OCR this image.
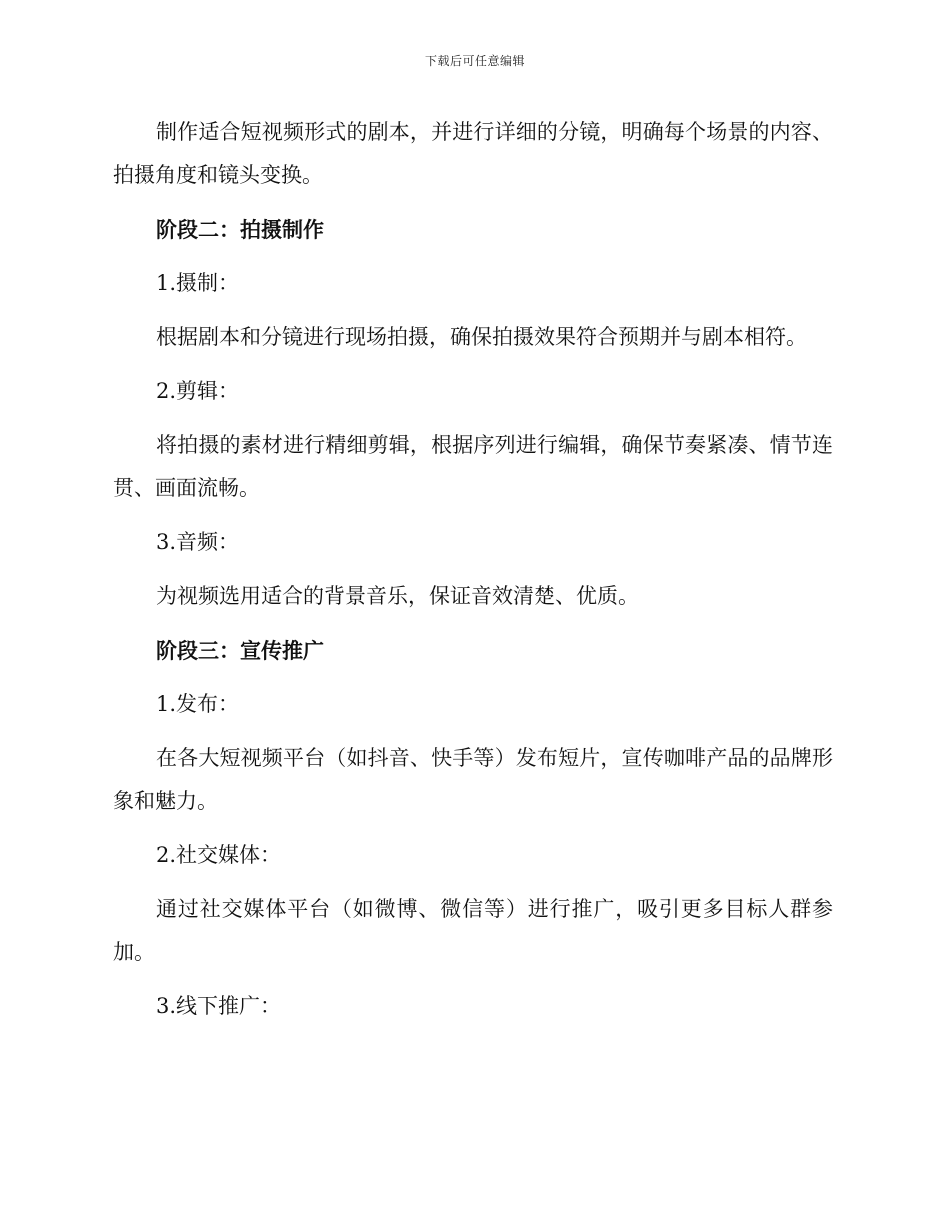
下载后可任意编辑

制作适合短视频形式的剧本，并进行详细的分镜，明确每个场景的内容、拍摄角度和镜头变换。

阶段二：拍摄制作

1.摄制：

根据剧本和分镜进行现场拍摄，确保拍摄效果符合预期并与剧本相符。

2.剪辑：

将拍摄的素材进行精细剪辑，根据序列进行编辑，确保节奏紧凑、情节连贯、画面流畅。

3.音频：

为视频选用适合的背景音乐，保证音效清楚、优质。

阶段三：宣传推广

1.发布：

在各大短视频平台（如抖音、快手等）发布短片，宣传咖啡产品的品牌形象和魅力。

2.社交媒体：

通过社交媒体平台（如微博、微信等）进行推广，吸引更多目标人群参加。

3.线下推广：
